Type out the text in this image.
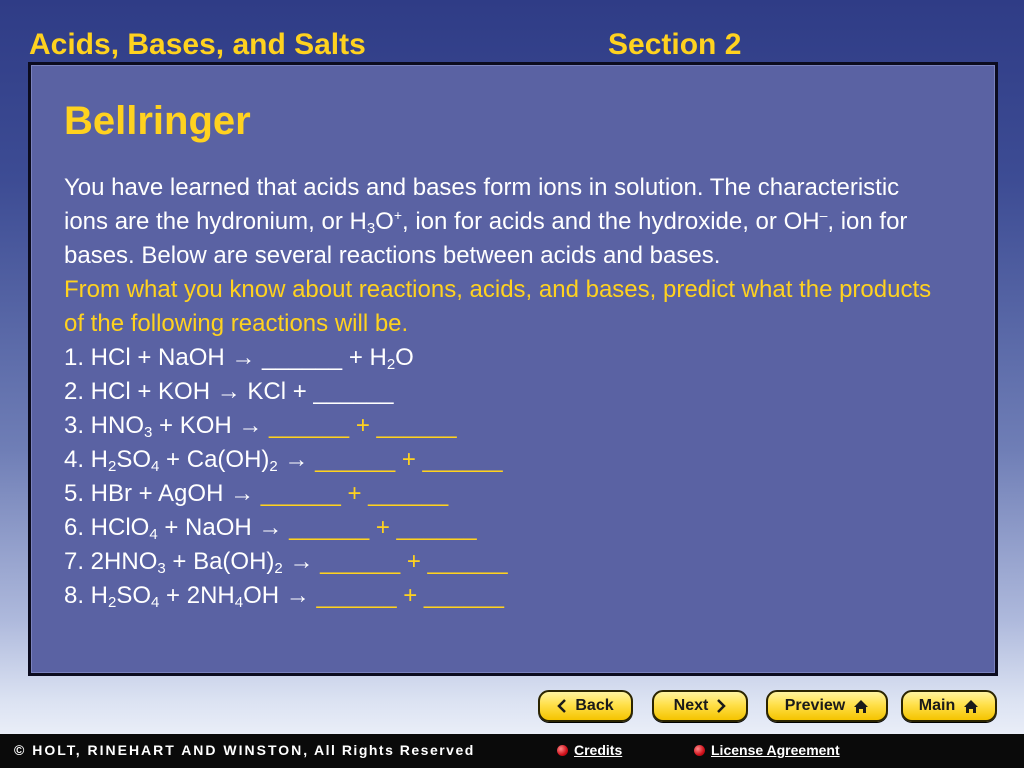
Acids, Bases, and Salts	Section 2
Bellringer
You have learned that acids and bases form ions in solution. The characteristic ions are the hydronium, or $H_3O^+$, ion for acids and the hydroxide, or OH–, ion for bases. Below are several reactions between acids and bases.
From what you know about reactions, acids, and bases, predict what the products of the following reactions will be.
1. HCl + NaOH → ______ + $H_2O$
2. HCl + KOH → KCl + ______
3. $HNO_3$ + KOH → ______ + ______
4. $H_2SO_4 + Ca(OH)_2$ → ______ + ______
5. HBr + AgOH → ______ + ______
6. HClO$_4$ + NaOH → ______ + ______
7. $2HNO_3 + Ba(OH)_2$ → ______ + ______
8. $H_2SO_4 + 2NH_4OH$ → ______ + ______
Back	Next	Preview	Main
© HOLT, RINEHART AND WINSTON, All Rights Reserved	Credits	License Agreement
